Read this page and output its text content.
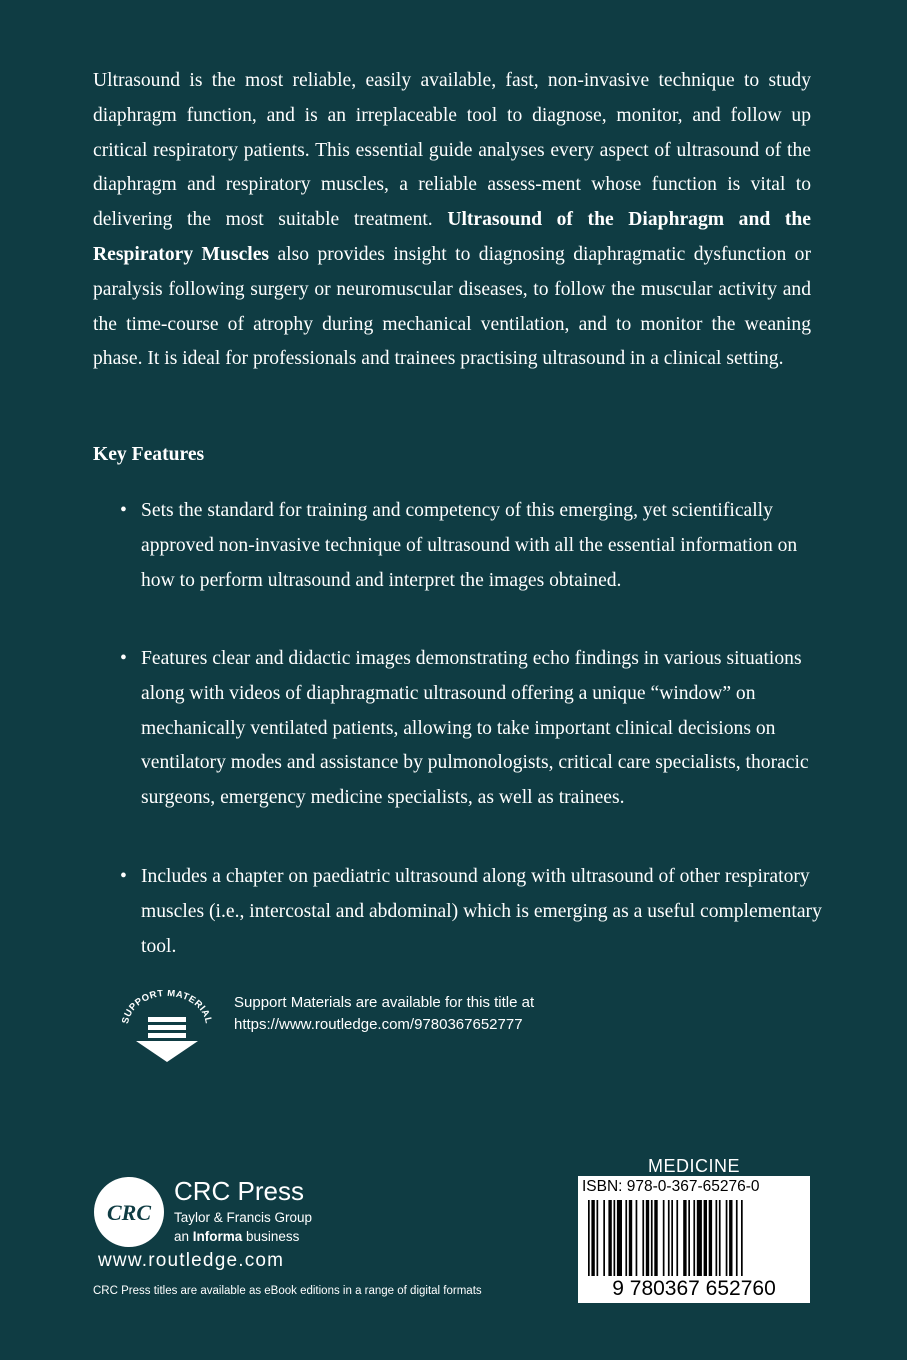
Ultrasound is the most reliable, easily available, fast, non-invasive technique to study diaphragm function, and is an irreplaceable tool to diagnose, monitor, and follow up critical respiratory patients. This essential guide analyses every aspect of ultrasound of the diaphragm and respiratory muscles, a reliable assess-ment whose function is vital to delivering the most suitable treatment. Ultrasound of the Diaphragm and the Respiratory Muscles also provides insight to diagnosing diaphragmatic dysfunction or paralysis following surgery or neuromuscular diseases, to follow the muscular activity and the time-course of atrophy during mechanical ventilation, and to monitor the weaning phase. It is ideal for professionals and trainees practising ultrasound in a clinical setting.

Key Features

• Sets the standard for training and competency of this emerging, yet scientifically approved non-invasive technique of ultrasound with all the essential information on how to perform ultrasound and interpret the images obtained.

• Features clear and didactic images demonstrating echo findings in various situations along with videos of diaphragmatic ultrasound offering a unique “window” on mechanically ventilated patients, allowing to take important clinical decisions on ventilatory modes and assistance by pulmonologists, critical care specialists, thoracic surgeons, emergency medicine specialists, as well as trainees.

• Includes a chapter on paediatric ultrasound along with ultrasound of other respiratory muscles (i.e., intercostal and abdominal) which is emerging as a useful complementary tool.

SUPPORT MATERIAL
Support Materials are available for this title at
https://www.routledge.com/9780367652777
CRC
CRC Press
Taylor & Francis Group
an Informa business
www.routledge.com
CRC Press titles are available as eBook editions in a range of digital formats
MEDICINE
ISBN: 978-0-367-65276-0
9 780367 652760
